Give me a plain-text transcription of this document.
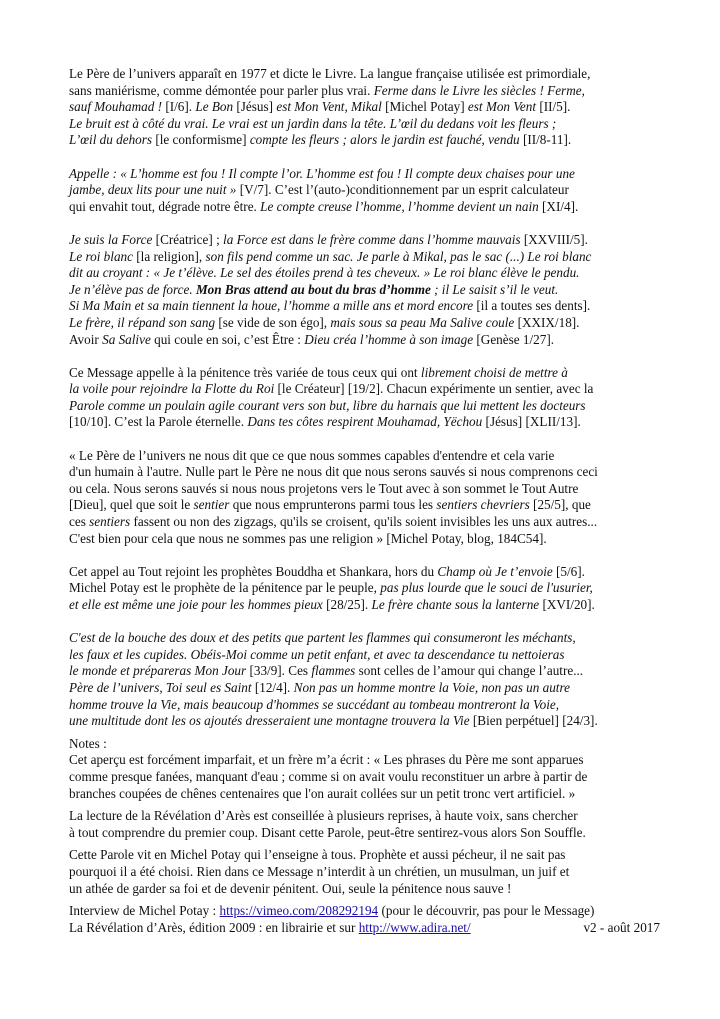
Le Père de l’univers apparaît en 1977 et dicte le Livre. La langue française utilisée est primordiale,

sans maniérisme, comme démontée pour parler plus vrai. Ferme dans le Livre les siècles ! Ferme,

sauf Mouhamad ! [I/6]. Le Bon [Jésus] est Mon Vent, Mikal [Michel Potay] est Mon Vent [II/5].

Le bruit est à côté du vrai. Le vrai est un jardin dans la tête. L’œil du dedans voit les fleurs ;

L’œil du dehors [le conformisme] compte les fleurs ; alors le jardin est fauché, vendu [II/8-11].

Appelle : « L’homme est fou ! Il compte l’or. L’homme est fou ! Il compte deux chaises pour une

jambe, deux lits pour une nuit » [V/7]. C’est l’(auto-)conditionnement par un esprit calculateur

qui envahit tout, dégrade notre être. Le compte creuse l’homme, l’homme devient un nain [XI/4].

Je suis la Force [Créatrice] ; la Force est dans le frère comme dans l’homme mauvais [XXVIII/5].

Le roi blanc [la religion], son fils pend comme un sac. Je parle à Mikal, pas le sac (...) Le roi blanc

dit au croyant : « Je t’élève. Le sel des étoiles prend à tes cheveux. » Le roi blanc élève le pendu.

Je n’élève pas de force. Mon Bras attend au bout du bras d’homme ; il Le saisit s’il le veut.

Si Ma Main et sa main tiennent la houe, l’homme a mille ans et mord encore [il a toutes ses dents].

Le frère, il répand son sang [se vide de son égo], mais sous sa peau Ma Salive coule [XXIX/18].

Avoir Sa Salive qui coule en soi, c’est Être : Dieu créa l’homme à son image [Genèse 1/27].

Ce Message appelle à la pénitence très variée de tous ceux qui ont librement choisi de mettre à

la voile pour rejoindre la Flotte du Roi [le Créateur] [19/2]. Chacun expérimente un sentier, avec la

Parole comme un poulain agile courant vers son but, libre du harnais que lui mettent les docteurs

[10/10]. C’est la Parole éternelle. Dans tes côtes respirent Mouhamad, Yëchou [Jésus] [XLII/13].

« Le Père de l’univers ne nous dit que ce que nous sommes capables d'entendre et cela varie

d'un humain à l'autre. Nulle part le Père ne nous dit que nous serons sauvés si nous comprenons ceci

ou cela. Nous serons sauvés si nous nous projetons vers le Tout avec à son sommet le Tout Autre

[Dieu], quel que soit le sentier que nous emprunterons parmi tous les sentiers chevriers [25/5], que

ces sentiers fassent ou non des zigzags, qu'ils se croisent, qu'ils soient invisibles les uns aux autres...

C'est bien pour cela que nous ne sommes pas une religion » [Michel Potay, blog, 184C54].

Cet appel au Tout rejoint les prophètes Bouddha et Shankara, hors du Champ où Je t’envoie [5/6].

Michel Potay est le prophète de la pénitence par le peuple, pas plus lourde que le souci de l'usurier,

et elle est même une joie pour les hommes pieux [28/25]. Le frère chante sous la lanterne [XVI/20].

C'est de la bouche des doux et des petits que partent les flammes qui consumeront les méchants,

les faux et les cupides. Obéis-Moi comme un petit enfant, et avec ta descendance tu nettoieras

le monde et prépareras Mon Jour [33/9]. Ces flammes sont celles de l’amour qui change l’autre...

Père de l’univers, Toi seul es Saint [12/4]. Non pas un homme montre la Voie, non pas un autre

homme trouve la Vie, mais beaucoup d'hommes se succédant au tombeau montreront la Voie,

une multitude dont les os ajoutés dresseraient une montagne trouvera la Vie [Bien perpétuel] [24/3].

Notes :

Cet aperçu est forcément imparfait, et un frère m’a écrit : « Les phrases du Père me sont apparues

comme presque fanées, manquant d'eau ; comme si on avait voulu reconstituer un arbre à partir de

branches coupées de chênes centenaires que l'on aurait collées sur un petit tronc vert artificiel. »

La lecture de la Révélation d’Arès est conseillée à plusieurs reprises, à haute voix, sans chercher

à tout comprendre du premier coup. Disant cette Parole, peut-être sentirez-vous alors Son Souffle.

Cette Parole vit en Michel Potay qui l’enseigne à tous. Prophète et aussi pécheur, il ne sait pas

pourquoi il a été choisi. Rien dans ce Message n’interdit à un chrétien, un musulman, un juif et

un athée de garder sa foi et de devenir pénitent. Oui, seule la pénitence nous sauve !

Interview de Michel Potay : https://vimeo.com/208292194 (pour le découvrir, pas pour le Message)

La Révélation d’Arès, édition 2009 : en librairie et sur http://www.adira.net/	v2 - août 2017
